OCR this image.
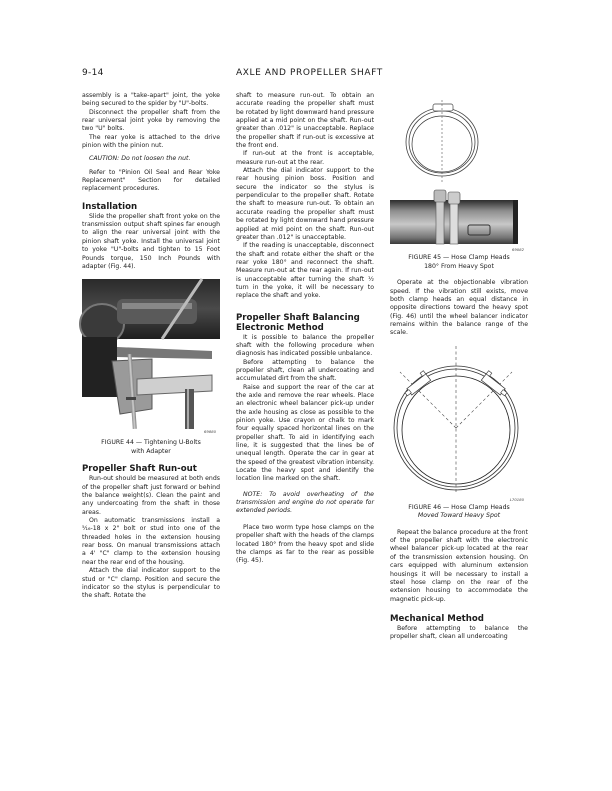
9-14	AXLE AND PROPELLER SHAFT

assembly is a "take-apart" joint, the yoke being secured to the spider by "U"-bolts.

Disconnect the propeller shaft from the rear universal joint yoke by removing the two "U" bolts.

The rear yoke is attached to the drive pinion with the pinion nut.

CAUTION: Do not loosen the nut.

Refer to "Pinion Oil Seal and Rear Yoke Replacement" Section for detailed replacement procedures.

Installation

Slide the propeller shaft front yoke on the transmission output shaft spines far enough to align the rear universal joint with the pinion shaft yoke. Install the universal joint to yoke "U"-bolts and tighten to 15 Foot Pounds torque, 150 Inch Pounds with adapter (Fig. 44).

69880
FIGURE 44 — Tightening U-Bolts
with Adapter
Propeller Shaft Run-out

Run-out should be measured at both ends of the propeller shaft just forward or behind the balance weight(s). Clean the paint and any undercoating from the shaft in those areas.

On automatic transmissions install a ⁵⁄₁₆-18 x 2" bolt or stud into one of the threaded holes in the extension housing rear boss. On manual transmissions attach a 4' "C" clamp to the extension housing near the rear end of the housing.

Attach the dial indicator support to the stud or "C" clamp. Position and secure the indicator so the stylus is perpendicular to the shaft. Rotate the

shaft to measure run-out. To obtain an accurate reading the propeller shaft must be rotated by light downward hand pressure applied at a mid point on the shaft. Run-out greater than .012" is unacceptable. Replace the propeller shaft if run-out is excessive at the front end.

If run-out at the front is acceptable, measure run-out at the rear.

Attach the dial indicator support to the rear housing pinion boss. Position and secure the indicator so the stylus is perpendicular to the propeller shaft. Rotate the shaft to measure run-out. To obtain an accurate reading the propeller shaft must be rotated by light downward hand pressure applied at mid point on the shaft. Run-out greater than .012" is unacceptable.

If the reading is unacceptable, disconnect the shaft and rotate either the shaft or the rear yoke 180° and reconnect the shaft. Measure run-out at the rear again. If run-out is unacceptable after turning the shaft ½ turn in the yoke, it will be necessary to replace the shaft and yoke.

Propeller Shaft Balancing
Electronic Method

It is possible to balance the propeller shaft with the following procedure when diagnosis has indicated possible unbalance.

Before attempting to balance the propeller shaft, clean all undercoating and accumulated dirt from the shaft.

Raise and support the rear of the car at the axle and remove the rear wheels. Place an electronic wheel balancer pick-up under the axle housing as close as possible to the pinion yoke. Use crayon or chalk to mark four equally spaced horizontal lines on the propeller shaft. To aid in identifying each line, it is suggested that the lines be of unequal length. Operate the car in gear at the speed of the greatest vibration intensity. Locate the heavy spot and identify the location line marked on the shaft.

NOTE: To avoid overheating of the transmission and engine do not operate for extended periods.

Place two worm type hose clamps on the propeller shaft with the heads of the clamps located 180° from the heavy spot and slide the clamps as far to the rear as possible (Fig. 45).

69082
FIGURE 45 — Hose Clamp Heads
180° From Heavy Spot

Operate at the objectionable vibration speed. If the vibration still exists, move both clamp heads an equal distance in opposite directions toward the heavy spot (Fig. 46) until the wheel balancer indicator remains within the balance range of the scale.

L70180
FIGURE 46 — Hose Clamp Heads
Moved Toward Heavy Spot

Repeat the balance procedure at the front of the propeller shaft with the electronic wheel balancer pick-up located at the rear of the transmission extension housing. On cars equipped with aluminum extension housings it will be necessary to install a steel hose clamp on the rear of the extension housing to accommodate the magnetic pick-up.

Mechanical Method

Before attempting to balance the propeller shaft, clean all undercoating
